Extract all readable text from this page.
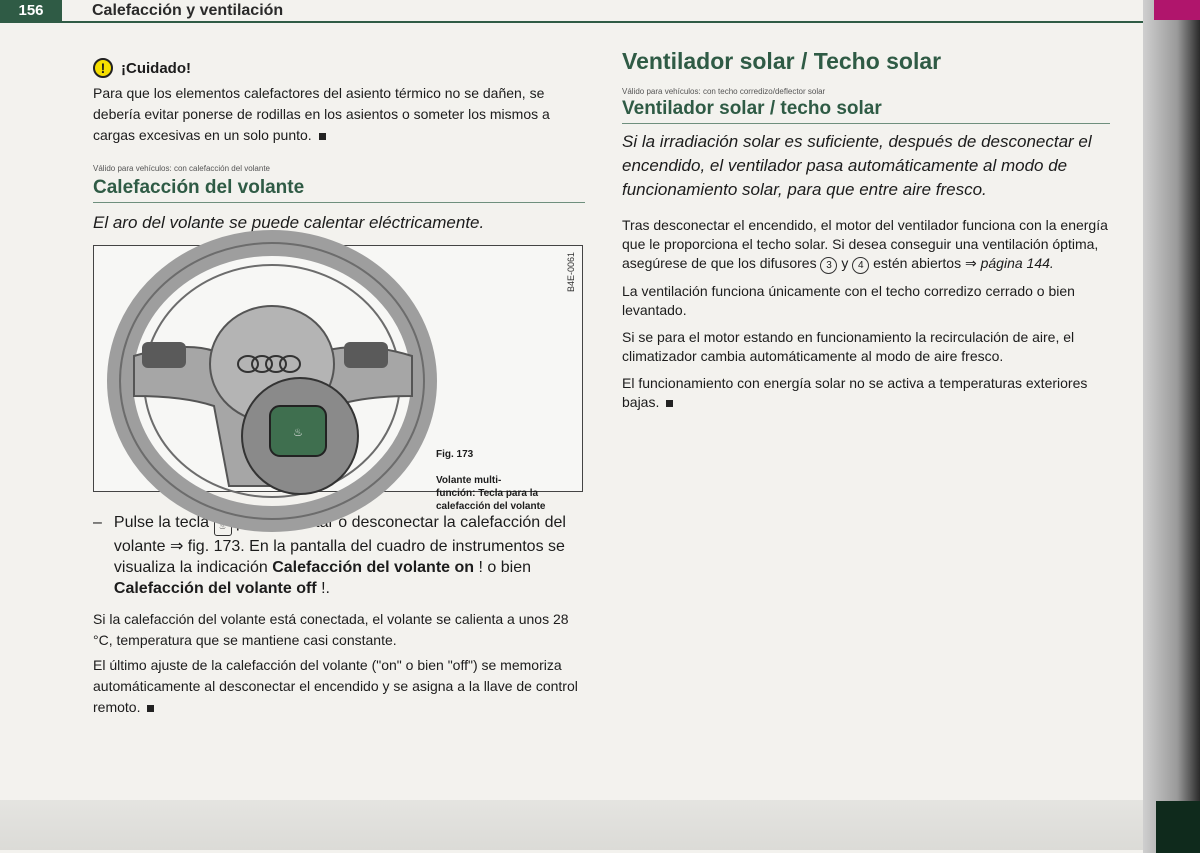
156	Calefacción y ventilación
!	¡Cuidado!

Para que los elementos calefactores del asiento térmico no se dañen, se debería evitar ponerse de rodillas en los asientos o someter los mismos a cargas excesivas en un solo punto.

Válido para vehículos: con calefacción del volante
Calefacción del volante

El aro del volante se puede calentar eléctricamente.

♨
B4E-0061
Fig. 173

Volante multi-
función: Tecla para la
calefacción del volante
– Pulse la tecla ♨ para conectar o desconectar la calefacción del volante ⇒ fig. 173. En la pantalla del cuadro de instrumentos se visualiza la indicación Calefacción del volante on ! o bien Calefacción del volante off !.

Si la calefacción del volante está conectada, el volante se calienta a unos 28 °C, temperatura que se mantiene casi constante.

El último ajuste de la calefacción del volante ("on" o bien "off") se memoriza automáticamente al desconectar el encendido y se asigna a la llave de control remoto.

Ventilador solar / Techo solar
Válido para vehículos: con techo corredizo/deflector solar
Ventilador solar / techo solar

Si la irradiación solar es suficiente, después de desconectar el encendido, el ventilador pasa automáticamente al modo de funcionamiento solar, para que entre aire fresco.

Tras desconectar el encendido, el motor del ventilador funciona con la energía que le proporciona el techo solar. Si desea conseguir una ventilación óptima, asegúrese de que los difusores 3 y 4 estén abiertos ⇒ página 144.

La ventilación funciona únicamente con el techo corredizo cerrado o bien levantado.

Si se para el motor estando en funcionamiento la recirculación de aire, el climatizador cambia automáticamente al modo de aire fresco.

El funcionamiento con energía solar no se activa a temperaturas exteriores bajas.
